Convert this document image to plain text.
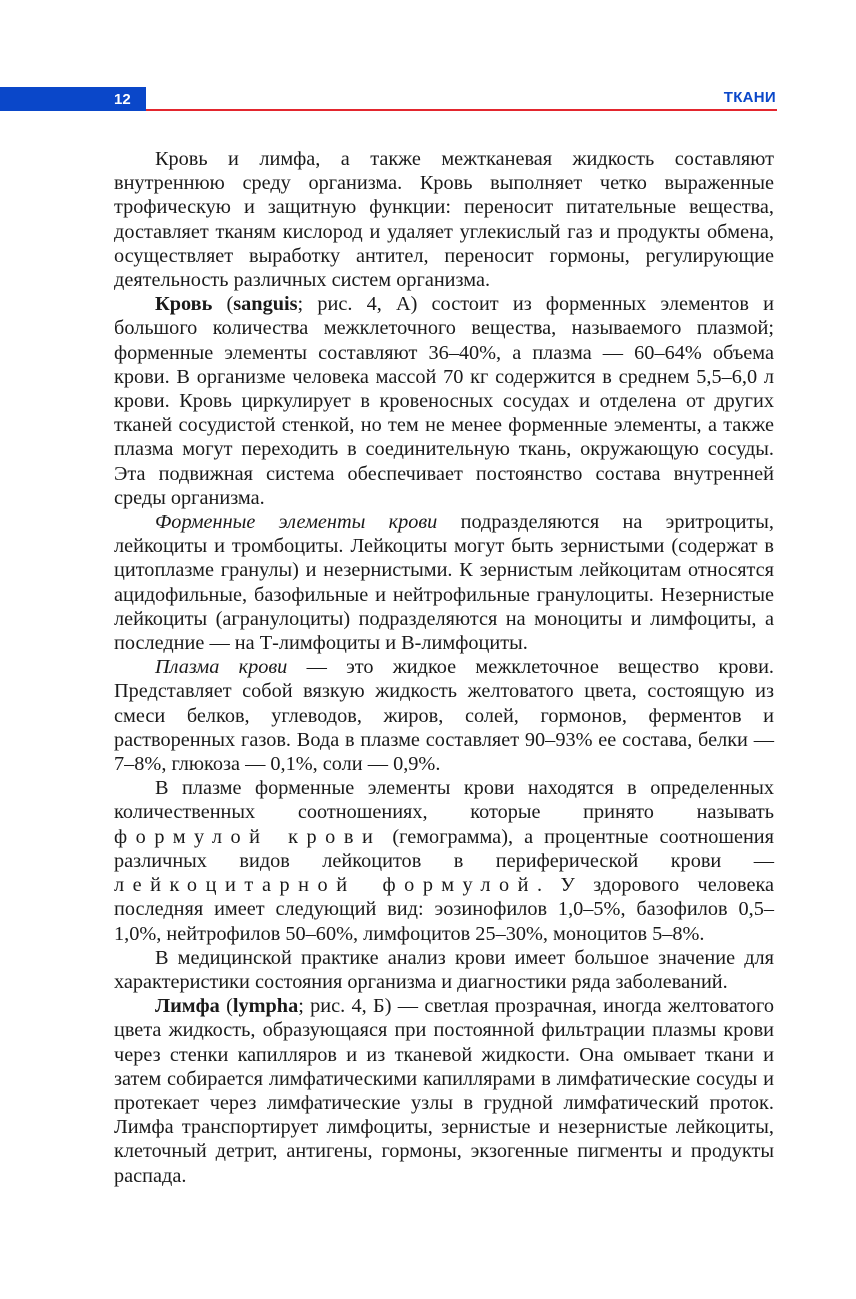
12	ТКАНИ

Кровь и лимфа, а также межтканевая жидкость составляют внутреннюю среду организма. Кровь выполняет четко выраженные трофическую и защитную функции: переносит питательные вещества, доставляет тканям кислород и удаляет углекислый газ и продукты обмена, осуществляет выработку антител, переносит гормоны, регулирующие деятельность различных систем организма.

Кровь (sanguis; рис. 4, А) состоит из форменных элементов и большого количества межклеточного вещества, называемого плазмой; форменные элементы составляют 36–40%, а плазма — 60–64% объема крови. В организме человека массой 70 кг содержится в среднем 5,5–6,0 л крови. Кровь циркулирует в кровеносных сосудах и отделена от других тканей сосудистой стенкой, но тем не менее форменные элементы, а также плазма могут переходить в соединительную ткань, окружающую сосуды. Эта подвижная система обеспечивает постоянство состава внутренней среды организма.

Форменные элементы крови подразделяются на эритроциты, лейкоциты и тромбоциты. Лейкоциты могут быть зернистыми (содержат в цитоплазме гранулы) и незернистыми. К зернистым лейкоцитам относятся ацидофильные, базофильные и нейтрофильные гранулоциты. Незернистые лейкоциты (агранулоциты) подразделяются на моноциты и лимфоциты, а последние — на Т-лимфоциты и В-лимфоциты.

Плазма крови — это жидкое межклеточное вещество крови. Представляет собой вязкую жидкость желтоватого цвета, состоящую из смеси белков, углеводов, жиров, солей, гормонов, ферментов и растворенных газов. Вода в плазме составляет 90–93% ее состава, белки — 7–8%, глюкоза — 0,1%, соли — 0,9%.

В плазме форменные элементы крови находятся в определенных количественных соотношениях, которые принято называть формулой крови (гемограмма), а процентные соотношения различных видов лейкоцитов в периферической крови — лейкоцитарной формулой. У здорового человека последняя имеет следующий вид: эозинофилов 1,0–5%, базофилов 0,5–1,0%, нейтрофилов 50–60%, лимфоцитов 25–30%, моноцитов 5–8%.

В медицинской практике анализ крови имеет большое значение для характеристики состояния организма и диагностики ряда заболеваний.

Лимфа (lympha; рис. 4, Б) — светлая прозрачная, иногда желтоватого цвета жидкость, образующаяся при постоянной фильтрации плазмы крови через стенки капилляров и из тканевой жидкости. Она омывает ткани и затем собирается лимфатическими капиллярами в лимфатические сосуды и протекает через лимфатические узлы в грудной лимфатический проток. Лимфа транспортирует лимфоциты, зернистые и незернистые лейкоциты, клеточный детрит, антигены, гормоны, экзогенные пигменты и продукты распада.
